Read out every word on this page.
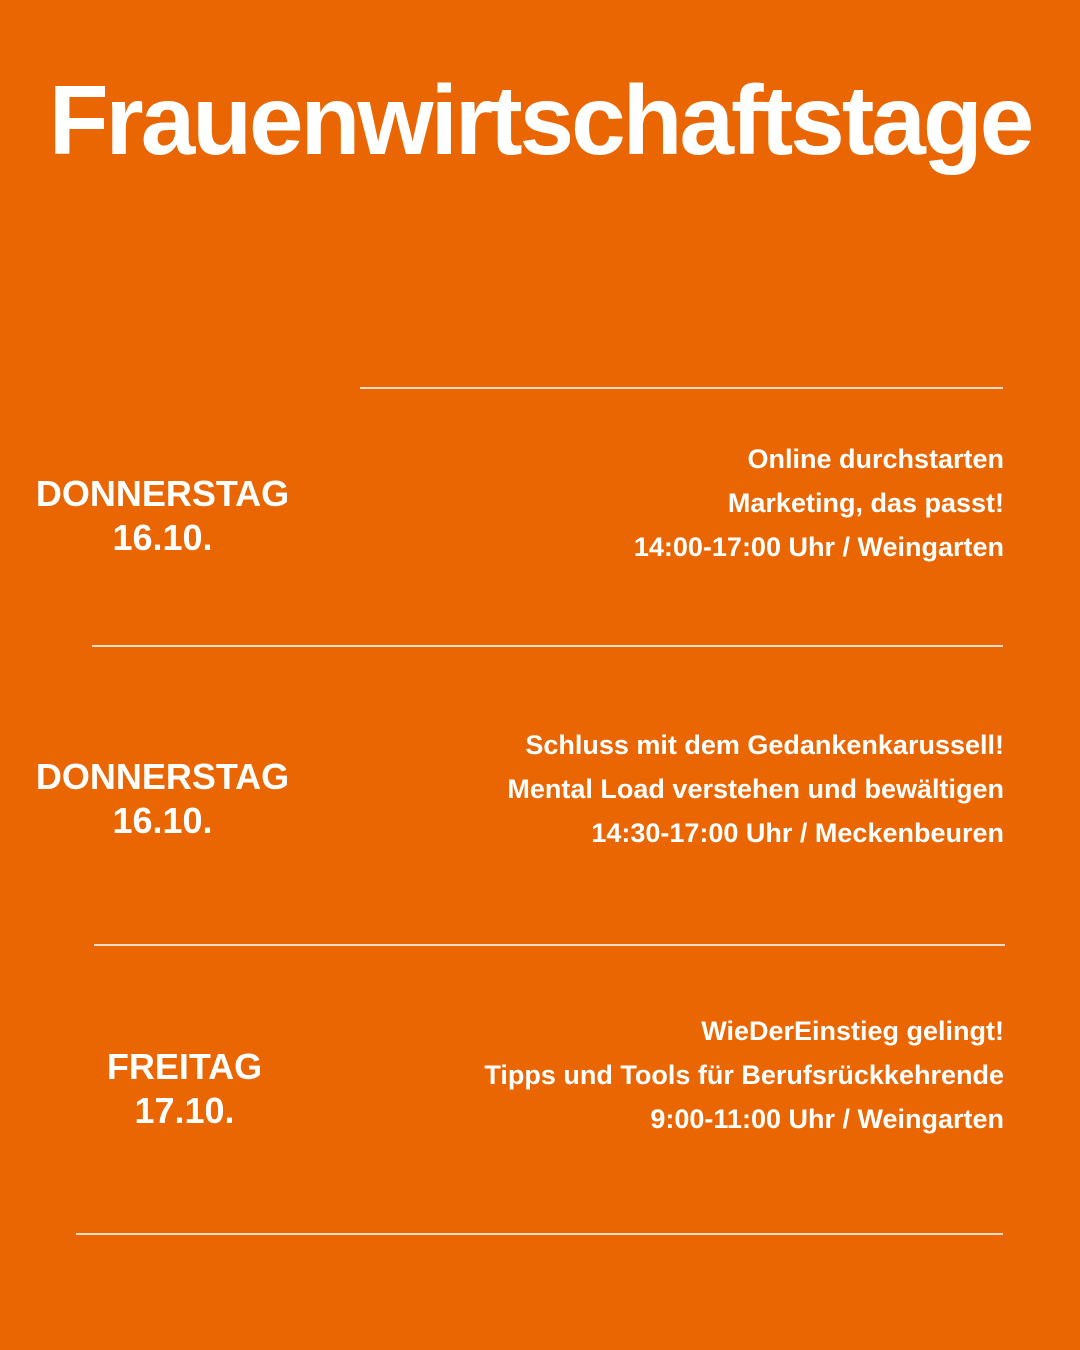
Frauenwirtschaftstage
DONNERSTAG
16.10.
Online durchstarten
Marketing, das passt!
14:00-17:00 Uhr / Weingarten
DONNERSTAG
16.10.
Schluss mit dem Gedankenkarussell!
Mental Load verstehen und bewältigen
14:30-17:00 Uhr / Meckenbeuren
FREITAG
17.10.
WieDerEinstieg gelingt!
Tipps und Tools für Berufsrückkehrende
9:00-11:00 Uhr / Weingarten
